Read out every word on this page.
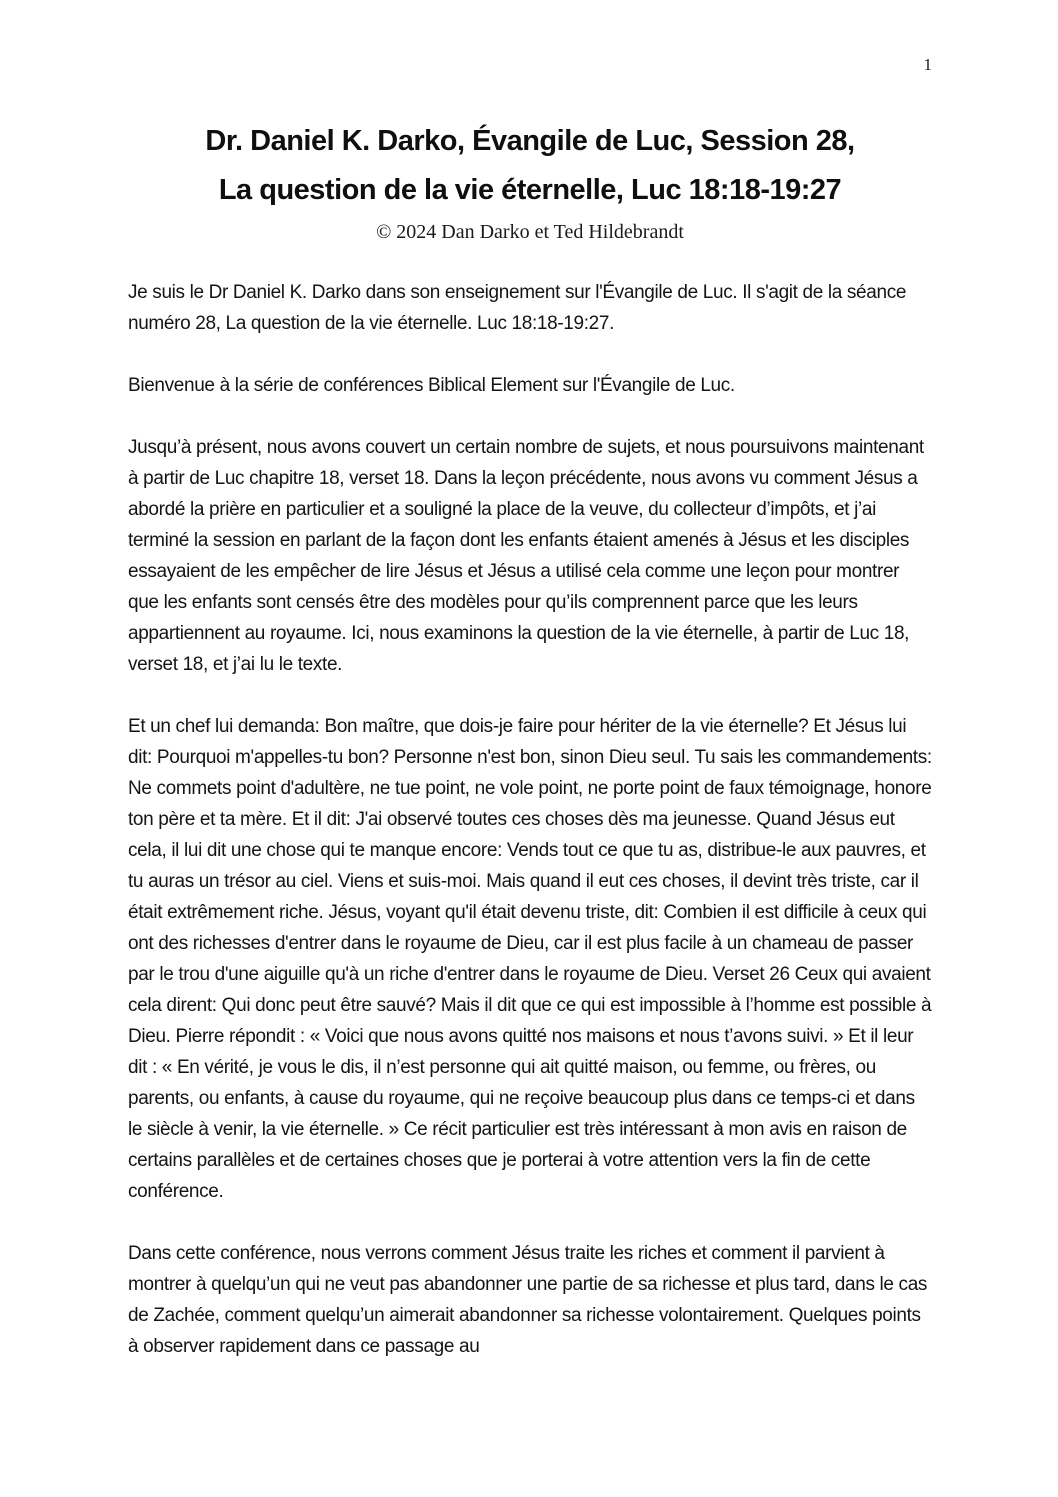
1
Dr. Daniel K. Darko, Évangile de Luc, Session 28,
La question de la vie éternelle, Luc 18:18-19:27
© 2024 Dan Darko et Ted Hildebrandt

Je suis le Dr Daniel K. Darko dans son enseignement sur l'Évangile de Luc. Il s'agit de la séance numéro 28, La question de la vie éternelle. Luc 18:18-19:27.

Bienvenue à la série de conférences Biblical Element sur l'Évangile de Luc.

Jusqu’à présent, nous avons couvert un certain nombre de sujets, et nous poursuivons maintenant à partir de Luc chapitre 18, verset 18. Dans la leçon précédente, nous avons vu comment Jésus a abordé la prière en particulier et a souligné la place de la veuve, du collecteur d’impôts, et j’ai terminé la session en parlant de la façon dont les enfants étaient amenés à Jésus et les disciples essayaient de les empêcher de lire Jésus et Jésus a utilisé cela comme une leçon pour montrer que les enfants sont censés être des modèles pour qu’ils comprennent parce que les leurs appartiennent au royaume. Ici, nous examinons la question de la vie éternelle, à partir de Luc 18, verset 18, et j’ai lu le texte.

Et un chef lui demanda: Bon maître, que dois-je faire pour hériter de la vie éternelle? Et Jésus lui dit: Pourquoi m'appelles-tu bon? Personne n'est bon, sinon Dieu seul. Tu sais les commandements: Ne commets point d'adultère, ne tue point, ne vole point, ne porte point de faux témoignage, honore ton père et ta mère. Et il dit: J'ai observé toutes ces choses dès ma jeunesse. Quand Jésus eut cela, il lui dit une chose qui te manque encore: Vends tout ce que tu as, distribue-le aux pauvres, et tu auras un trésor au ciel. Viens et suis-moi. Mais quand il eut ces choses, il devint très triste, car il était extrêmement riche. Jésus, voyant qu'il était devenu triste, dit: Combien il est difficile à ceux qui ont des richesses d'entrer dans le royaume de Dieu, car il est plus facile à un chameau de passer par le trou d'une aiguille qu'à un riche d'entrer dans le royaume de Dieu. Verset 26 Ceux qui avaient cela dirent: Qui donc peut être sauvé? Mais il dit que ce qui est impossible à l’homme est possible à Dieu. Pierre répondit : « Voici que nous avons quitté nos maisons et nous t’avons suivi. » Et il leur dit : « En vérité, je vous le dis, il n’est personne qui ait quitté maison, ou femme, ou frères, ou parents, ou enfants, à cause du royaume, qui ne reçoive beaucoup plus dans ce temps-ci et dans le siècle à venir, la vie éternelle. » Ce récit particulier est très intéressant à mon avis en raison de certains parallèles et de certaines choses que je porterai à votre attention vers la fin de cette conférence.

Dans cette conférence, nous verrons comment Jésus traite les riches et comment il parvient à montrer à quelqu’un qui ne veut pas abandonner une partie de sa richesse et plus tard, dans le cas de Zachée, comment quelqu’un aimerait abandonner sa richesse volontairement. Quelques points à observer rapidement dans ce passage au
